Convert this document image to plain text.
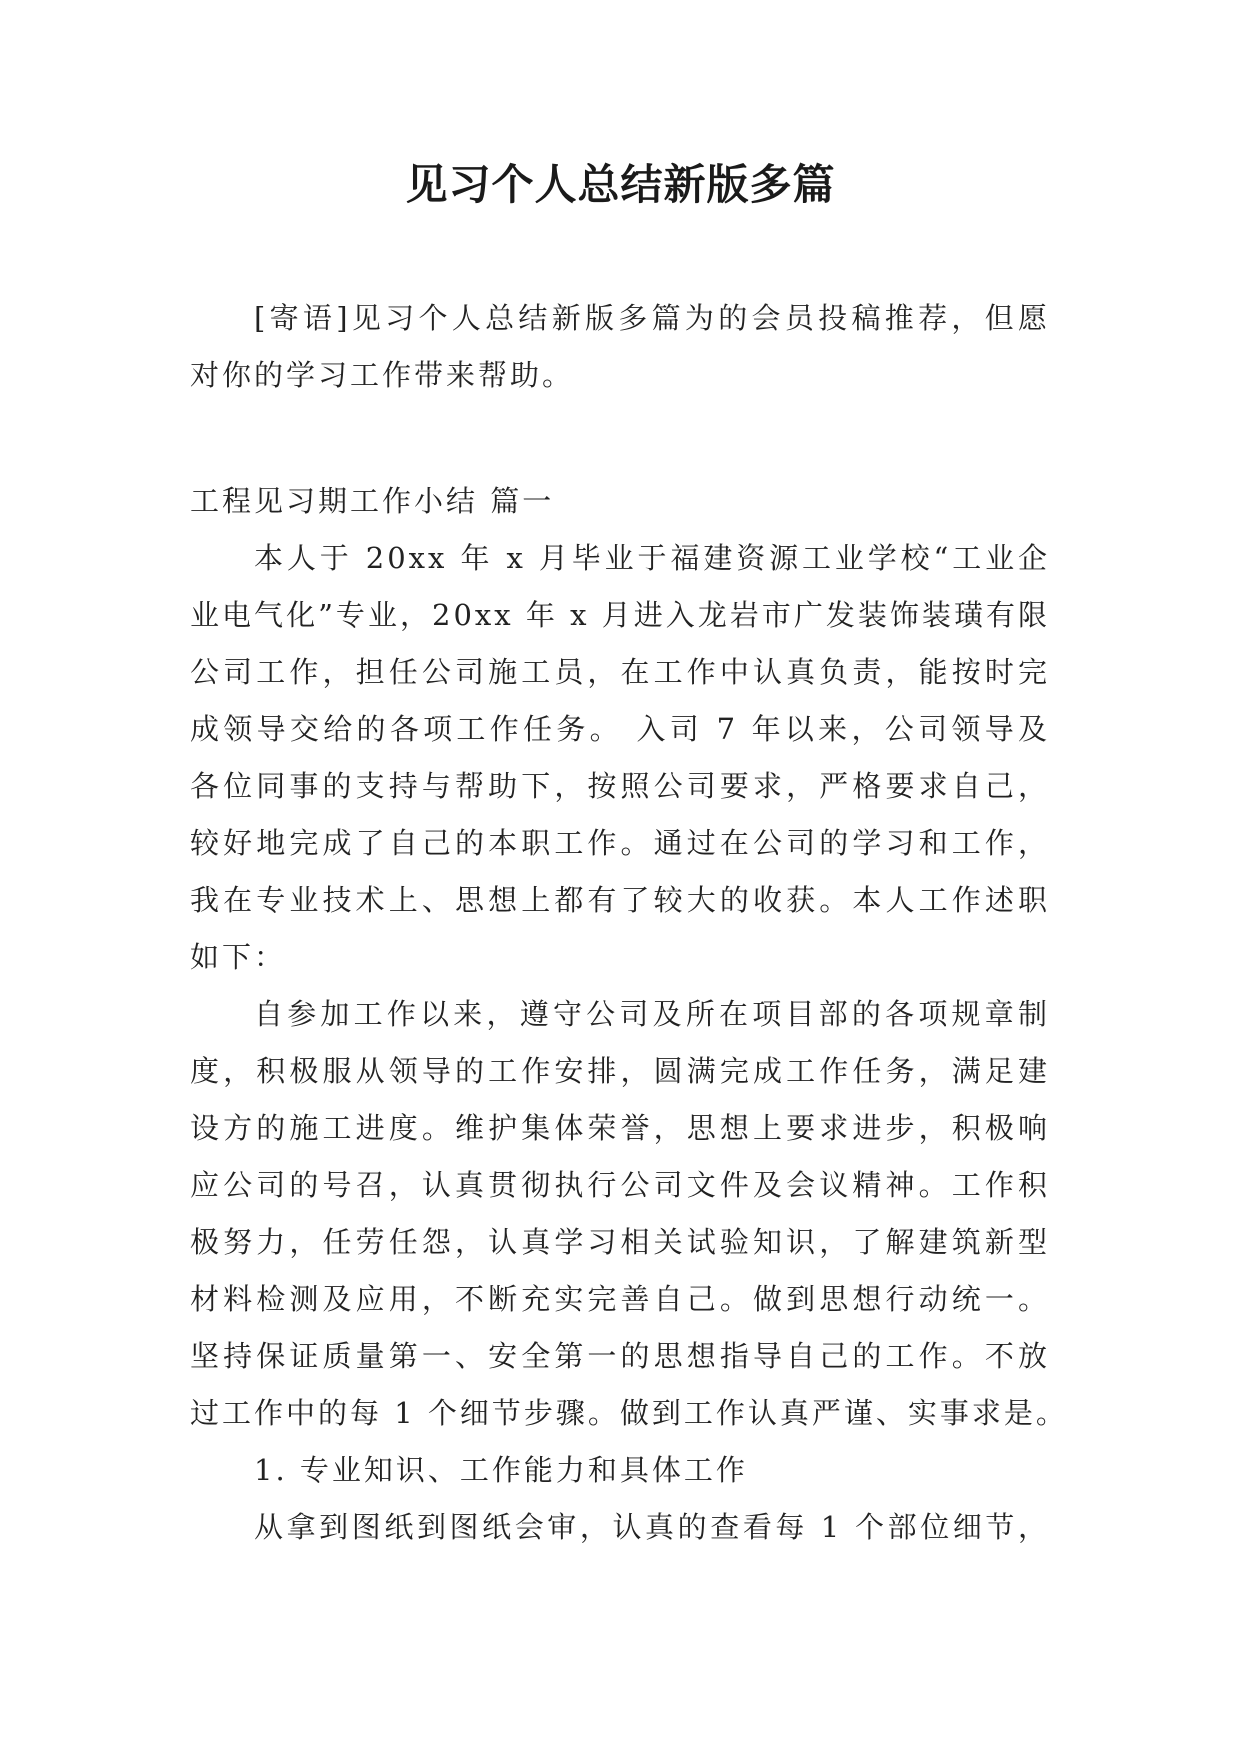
见习个人总结新版多篇
[寄语]见习个人总结新版多篇为的会员投稿推荐，但愿
对你的学习工作带来帮助。
工程见习期工作小结 篇一
本人于 20xx 年 x 月毕业于福建资源工业学校“工业企
业电气化”专业，20xx 年 x 月进入龙岩市广发装饰装璜有限
公司工作，担任公司施工员，在工作中认真负责，能按时完
成领导交给的各项工作任务。 入司 7 年以来，公司领导及
各位同事的支持与帮助下，按照公司要求，严格要求自己，
较好地完成了自己的本职工作。通过在公司的学习和工作，
我在专业技术上、思想上都有了较大的收获。本人工作述职
如下：
自参加工作以来，遵守公司及所在项目部的各项规章制
度，积极服从领导的工作安排，圆满完成工作任务，满足建
设方的施工进度。维护集体荣誉，思想上要求进步，积极响
应公司的号召，认真贯彻执行公司文件及会议精神。工作积
极努力，任劳任怨，认真学习相关试验知识，了解建筑新型
材料检测及应用，不断充实完善自己。做到思想行动统一。
坚持保证质量第一、安全第一的思想指导自己的工作。不放
过工作中的每 1 个细节步骤。做到工作认真严谨、实事求是。
1. 专业知识、工作能力和具体工作
从拿到图纸到图纸会审，认真的查看每 1 个部位细节，
